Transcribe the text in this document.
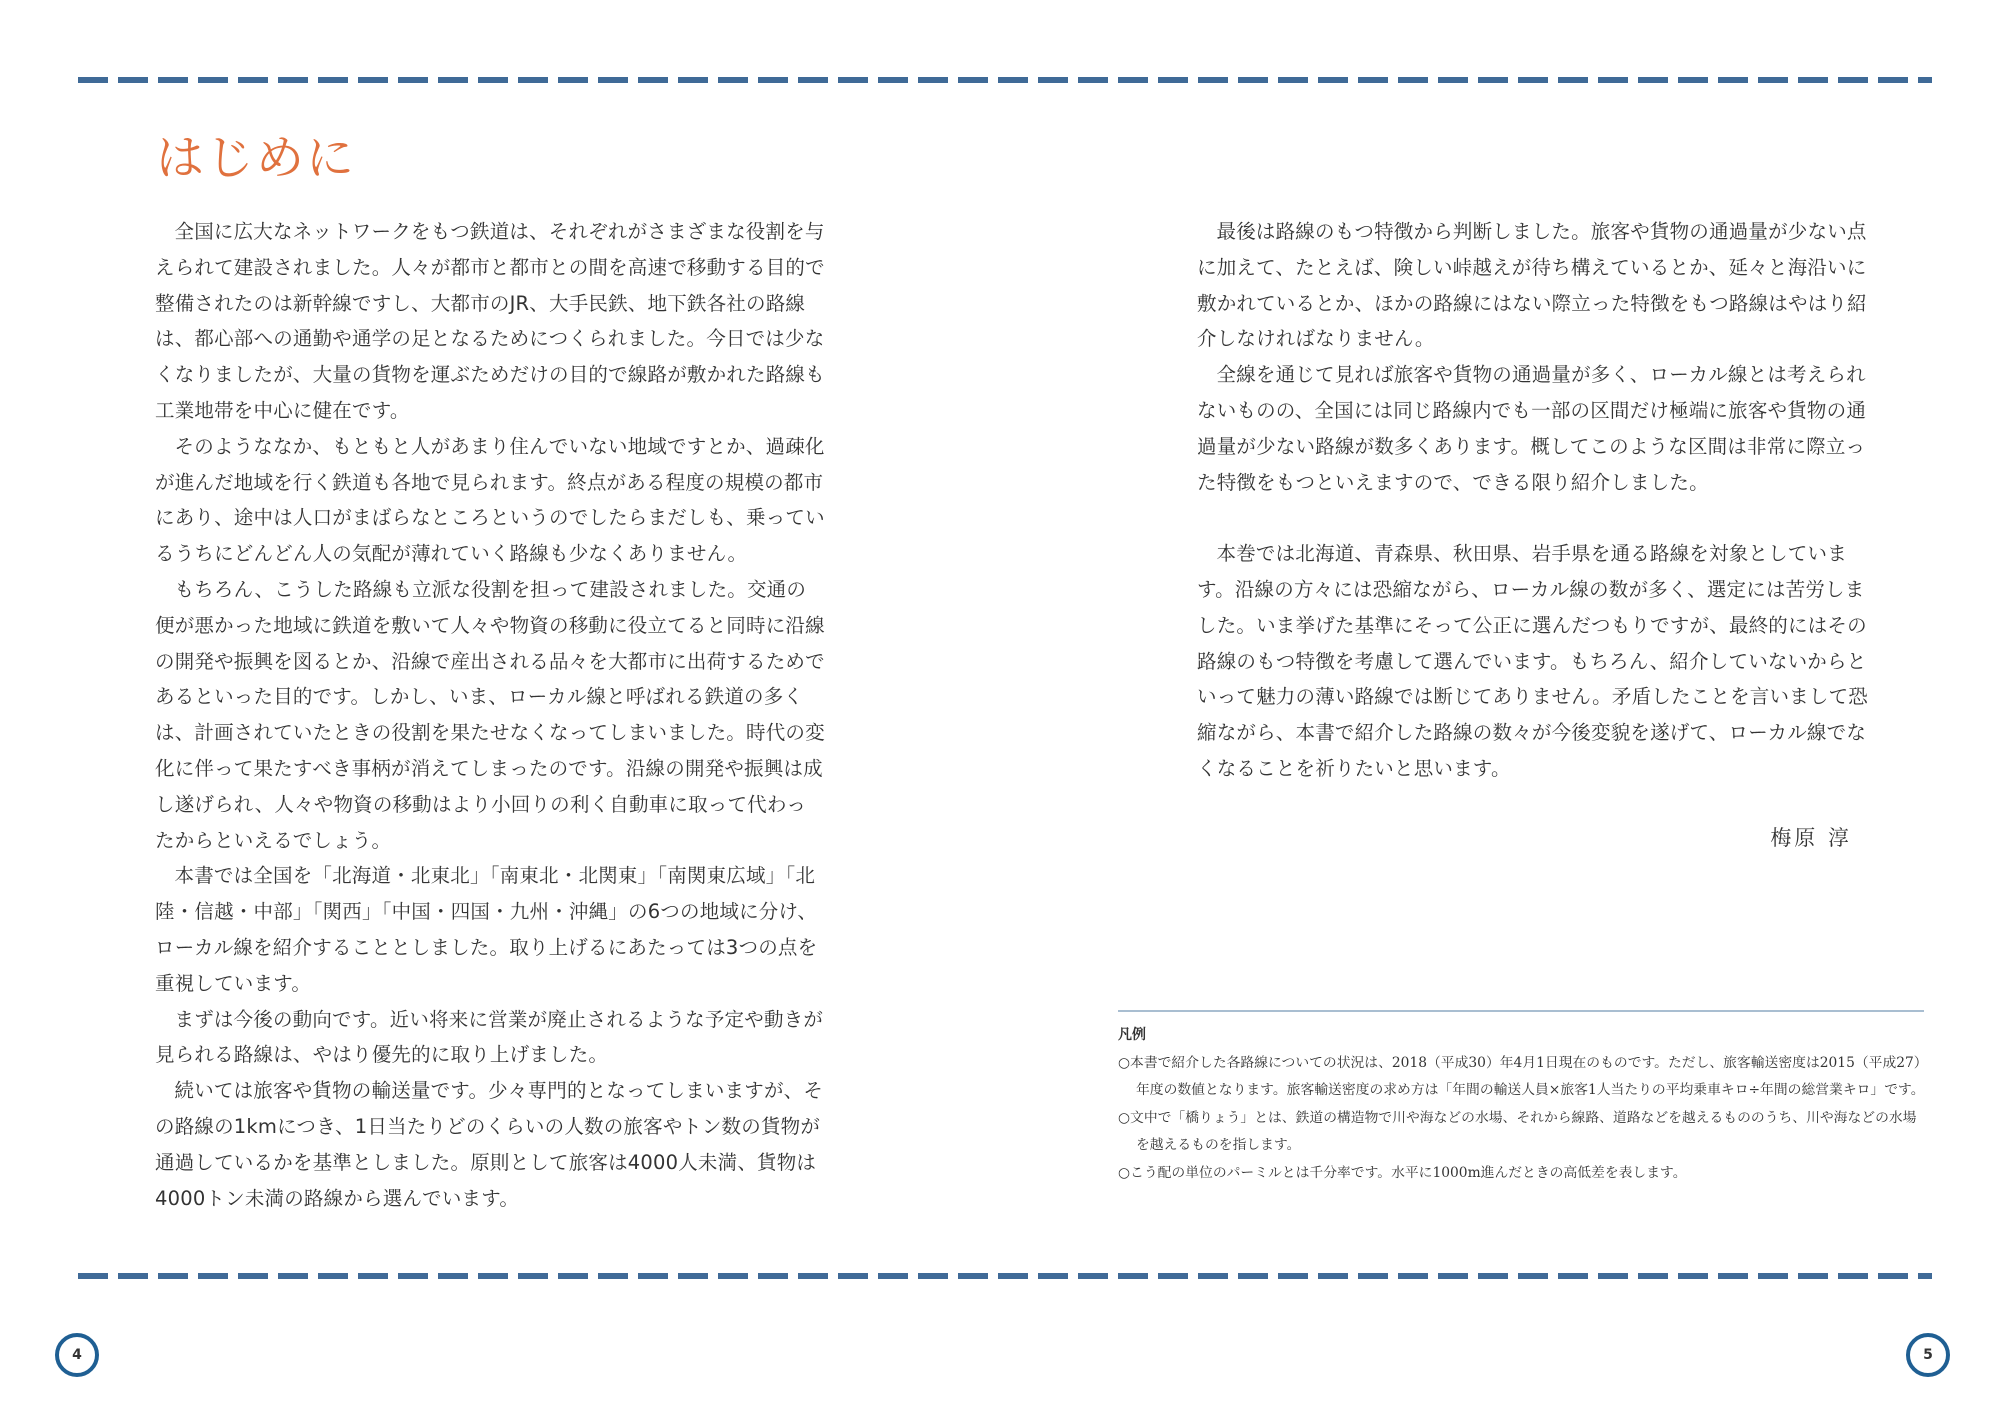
はじめに

全国に広大なネットワークをもつ鉄道は、それぞれがさまざまな役割を与えられて建設されました。人々が都市と都市との間を高速で移動する目的で整備されたのは新幹線ですし、大都市のJR、大手民鉄、地下鉄各社の路線は、都心部への通勤や通学の足となるためにつくられました。今日では少なくなりましたが、大量の貨物を運ぶためだけの目的で線路が敷かれた路線も工業地帯を中心に健在です。

そのようななか、もともと人があまり住んでいない地域ですとか、過疎化が進んだ地域を行く鉄道も各地で見られます。終点がある程度の規模の都市にあり、途中は人口がまばらなところというのでしたらまだしも、乗っているうちにどんどん人の気配が薄れていく路線も少なくありません。

もちろん、こうした路線も立派な役割を担って建設されました。交通の便が悪かった地域に鉄道を敷いて人々や物資の移動に役立てると同時に沿線の開発や振興を図るとか、沿線で産出される品々を大都市に出荷するためであるといった目的です。しかし、いま、ローカル線と呼ばれる鉄道の多くは、計画されていたときの役割を果たせなくなってしまいました。時代の変化に伴って果たすべき事柄が消えてしまったのです。沿線の開発や振興は成し遂げられ、人々や物資の移動はより小回りの利く自動車に取って代わったからといえるでしょう。

本書では全国を「北海道・北東北」「南東北・北関東」「南関東広域」「北陸・信越・中部」「関西」「中国・四国・九州・沖縄」の6つの地域に分け、ローカル線を紹介することとしました。取り上げるにあたっては3つの点を重視しています。

まずは今後の動向です。近い将来に営業が廃止されるような予定や動きが見られる路線は、やはり優先的に取り上げました。

続いては旅客や貨物の輸送量です。少々専門的となってしまいますが、その路線の1kmにつき、1日当たりどのくらいの人数の旅客やトン数の貨物が通過しているかを基準としました。原則として旅客は4000人未満、貨物は4000トン未満の路線から選んでいます。

最後は路線のもつ特徴から判断しました。旅客や貨物の通過量が少ない点に加えて、たとえば、険しい峠越えが待ち構えているとか、延々と海沿いに敷かれているとか、ほかの路線にはない際立った特徴をもつ路線はやはり紹介しなければなりません。

全線を通じて見れば旅客や貨物の通過量が多く、ローカル線とは考えられないものの、全国には同じ路線内でも一部の区間だけ極端に旅客や貨物の通過量が少ない路線が数多くあります。概してこのような区間は非常に際立った特徴をもつといえますので、できる限り紹介しました。

本巻では北海道、青森県、秋田県、岩手県を通る路線を対象としています。沿線の方々には恐縮ながら、ローカル線の数が多く、選定には苦労しました。いま挙げた基準にそって公正に選んだつもりですが、最終的にはその路線のもつ特徴を考慮して選んでいます。もちろん、紹介していないからといって魅力の薄い路線では断じてありません。矛盾したことを言いまして恐縮ながら、本書で紹介した路線の数々が今後変貌を遂げて、ローカル線でなくなることを祈りたいと思います。

梅原 淳
凡例
○本書で紹介した各路線についての状況は、2018（平成30）年4月1日現在のものです。ただし、旅客輸送密度は2015（平成27）年度の数値となります。旅客輸送密度の求め方は「年間の輸送人員×旅客1人当たりの平均乗車キロ÷年間の総営業キロ」です。
○文中で「橋りょう」とは、鉄道の構造物で川や海などの水場、それから線路、道路などを越えるもののうち、川や海などの水場を越えるものを指します。
○こう配の単位のパーミルとは千分率です。水平に1000m進んだときの高低差を表します。
4	5
